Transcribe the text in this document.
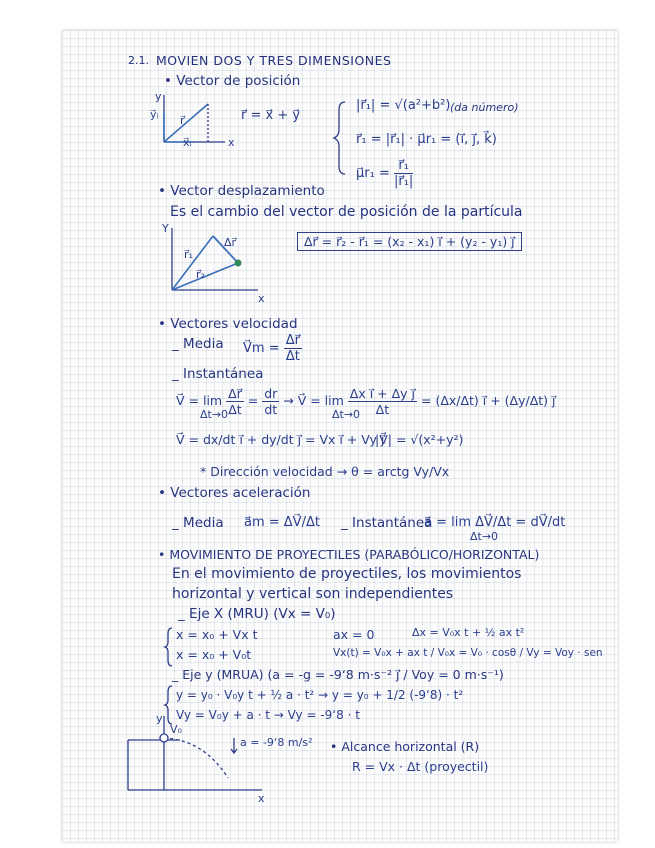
2.1. MOVIEN DOS Y TRES DIMENSIONES
• Vector de posición
y
y⃗ᵢ
x⃗ᵢ	x
r⃗	r⃗ = x⃗ + y⃗
|r⃗₁| = √(a²+b²) (da número)
r⃗₁ = |r⃗₁| · μ⃗r₁ = (i⃗, j⃗, k⃗)
μ⃗r₁ = $\frac{\text{r⃗₁}}{\text{|r⃗₁|}}$
• Vector desplazamiento
Es el cambio del vector de posición de la partícula
Y
x
r⃗₁
r⃗₂
Δr⃗	Δr⃗ = r⃗₂ - r⃗₁ = (x₂ - x₁) i⃗ + (y₂ - y₁) j⃗
• Vectores velocidad
_ Media V⃗m = $\frac{\Delta r⃗}{\Delta t}$
_ Instantánea
V⃗ = $\lim \frac{\Delta r⃗}{\Delta t} = \frac{dr}{dt}$ → V⃗ = $\lim \frac{\text{Δx i⃗ + Δy j⃗}}{\Delta t} = (\Delta x/\Delta t)$ i⃗ + (Δy/Δt) j⃗
Δt→0	Δt→0
V⃗ = dx/dt i⃗ + dy/dt j⃗ = Vx i⃗ + Vy j⃗
|V⃗| = √(x²+y²)
* Dirección velocidad → θ = arctg Vy/Vx
• Vectores aceleración
_ Media a⃗m = ΔV⃗/Δt _ Instantánea
a⃗ = lim ΔV⃗/Δt = dV⃗/dt
Δt→0
• MOVIMIENTO DE PROYECTILES (PARABÓLICO/HORIZONTAL)
En el movimiento de proyectiles, los movimientos
horizontal y vertical son independientes
_ Eje X (MRU) (Vx = V₀)
x = x₀ + Vx t
x = x₀ + V₀t
ax = 0	Δx = V₀x t + ½ ax t²
Vx(t) = V₀x + ax t / V₀x = V₀ · cosθ / Vy = Voy · sen
_ Eje y (MRUA) (a = -g = -9‘8 m·s⁻² j⃗ / Voy = 0 m·s⁻¹)
y = y₀ · V₀y t + ½ a · t² → y = y₀ + 1/2 (-9‘8) · t²
Vy = V₀y + a · t → Vy = -9‘8 · t
V₀
y
x
a = -9‘8 m/s² • Alcance horizontal (R)
R = Vx · Δt (proyectil)
